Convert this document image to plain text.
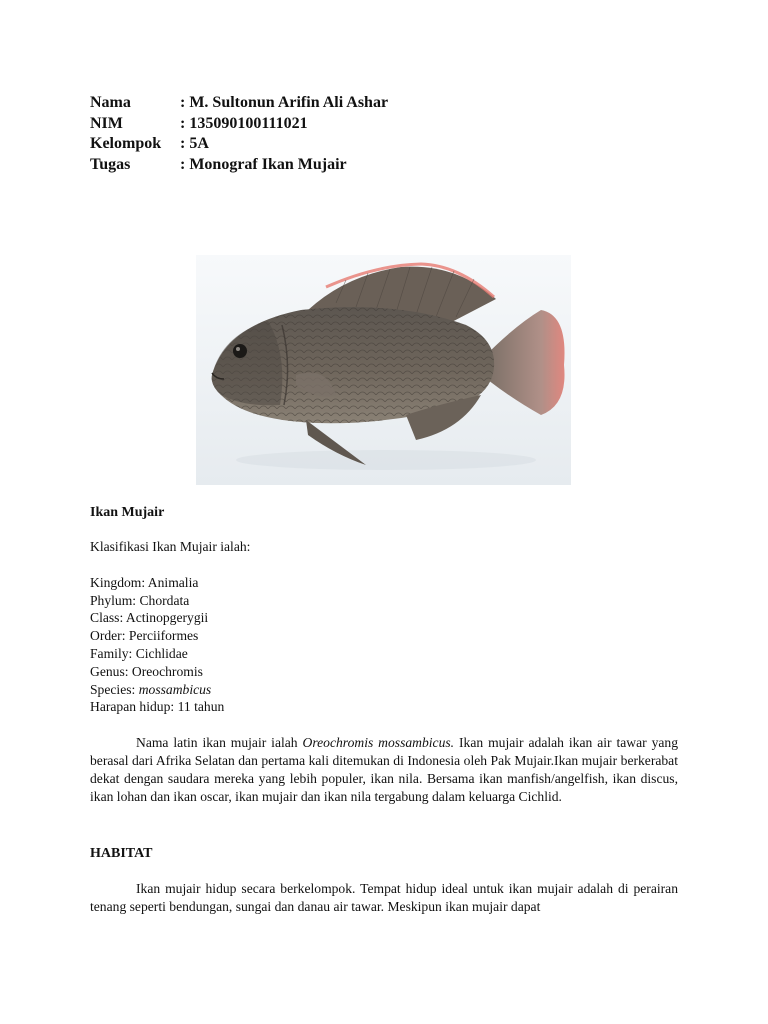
Nama	: M. Sultonun Arifin Ali Ashar
NIM	: 135090100111021
Kelompok	: 5A
Tugas	: Monograf Ikan Mujair
Ikan Mujair
Klasifikasi Ikan Mujair ialah:
Kingdom: Animalia
Phylum: Chordata
Class: Actinopgerygii
Order: Perciiformes
Family: Cichlidae
Genus: Oreochromis
Species: mossambicus
Harapan hidup: 11 tahun

Nama latin ikan mujair ialah Oreochromis mossambicus. Ikan mujair adalah ikan air tawar yang berasal dari Afrika Selatan dan pertama kali ditemukan di Indonesia oleh Pak Mujair.Ikan mujair berkerabat dekat dengan saudara mereka yang lebih populer, ikan nila. Bersama ikan manfish/angelfish, ikan discus, ikan lohan dan ikan oscar, ikan mujair dan ikan nila tergabung dalam keluarga Cichlid.

HABITAT

Ikan mujair hidup secara berkelompok. Tempat hidup ideal untuk ikan mujair adalah di perairan tenang seperti bendungan, sungai dan danau air tawar. Meskipun ikan mujair dapat
